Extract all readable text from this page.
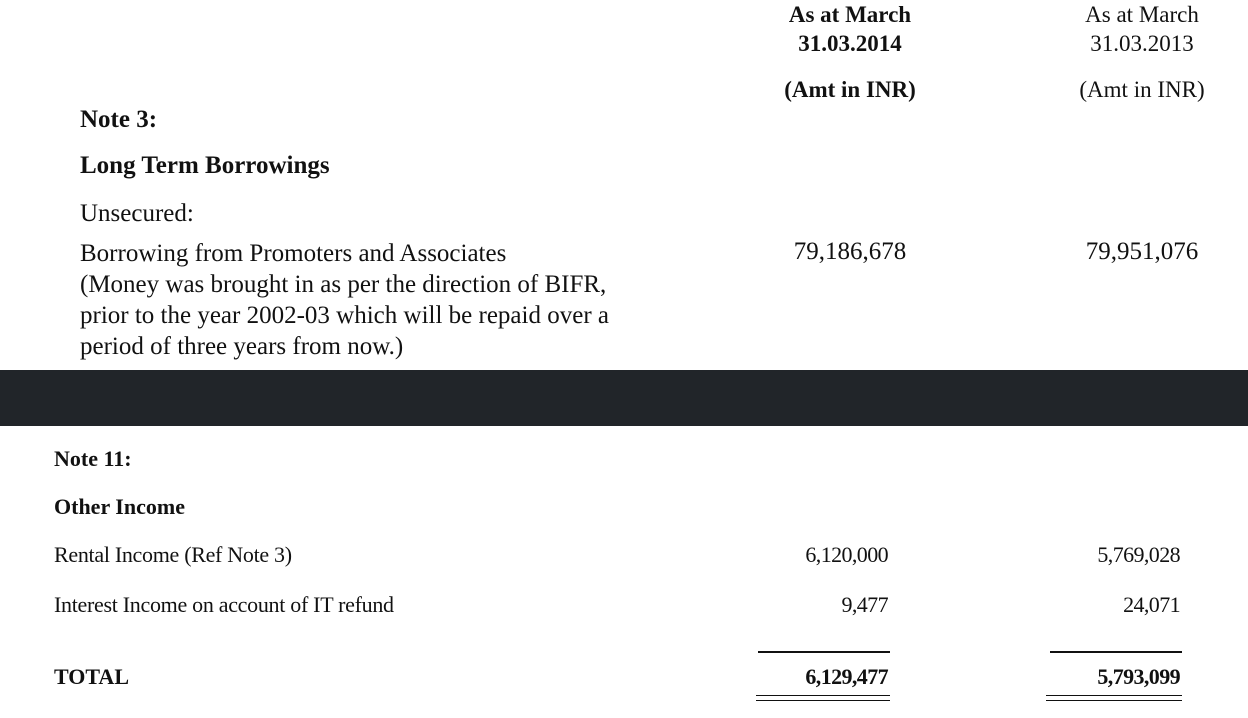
As at March
31.03.2014
(Amt in INR)
As at March
31.03.2013
(Amt in INR)
Note 3:
Long Term Borrowings
Unsecured:
Borrowing from Promoters and Associates
(Money was brought in as per the direction of BIFR,
prior to the year 2002-03 which will be repaid over a
period of three years from now.)
79,186,678	79,951,076
Note 11:
Other Income
Rental Income (Ref Note 3)	6,120,000	5,769,028
Interest Income on account of IT refund	9,477	24,071
TOTAL	6,129,477	5,793,099
